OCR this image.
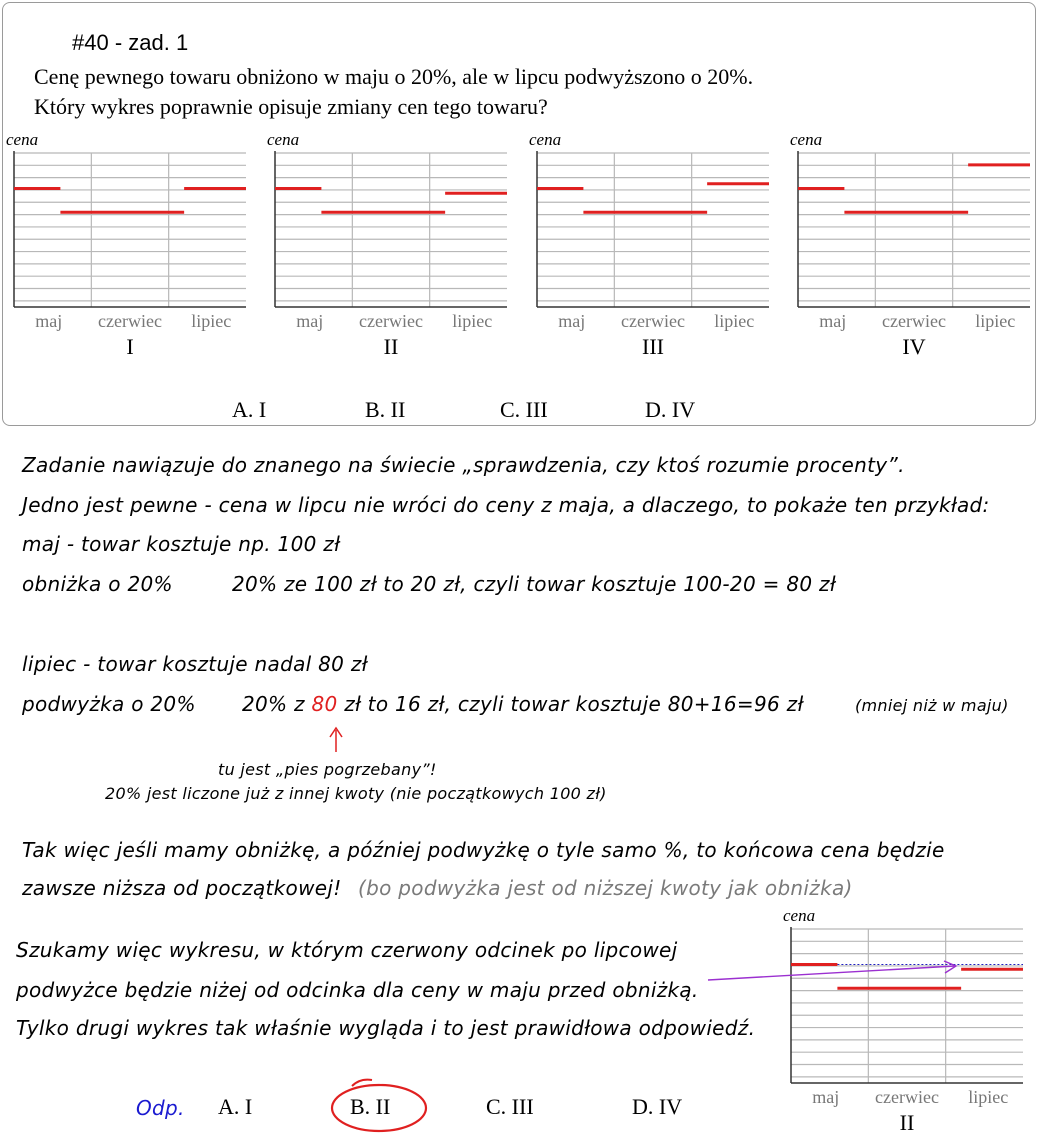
#40 - zad. 1
Cenę pewnego towaru obniżono w maju o 20%, ale w lipcu podwyższono o 20%.
Który wykres poprawnie opisuje zmiany cen tego towaru?
cena
maj czerwiec lipiec
I
cena
maj czerwiec lipiec
II
cena
maj czerwiec lipiec
III
cena
maj czerwiec lipiec
IV
cena
maj czerwiec lipiec
II
A. I	B. II	C. III	D. IV
Zadanie nawiązuje do znanego na świecie „sprawdzenia, czy ktoś rozumie procenty”.
Jedno jest pewne - cena w lipcu nie wróci do ceny z maja, a dlaczego, to pokaże ten przykład:
maj - towar kosztuje np. 100 zł
obniżka o 20%	20% ze 100 zł to 20 zł, czyli towar kosztuje 100-20 = 80 zł
lipiec - towar kosztuje nadal 80 zł
podwyżka o 20% 20% z 80 zł to 16 zł, czyli towar kosztuje 80+16=96 zł	(mniej niż w maju)
tu jest „pies pogrzebany”!
20% jest liczone już z innej kwoty (nie początkowych 100 zł)
Tak więc jeśli mamy obniżkę, a później podwyżkę o tyle samo %, to końcowa cena będzie
zawsze niższa od początkowej! (bo podwyżka jest od niższej kwoty jak obniżka)
Szukamy więc wykresu, w którym czerwony odcinek po lipcowej
podwyżce będzie niżej od odcinka dla ceny w maju przed obniżką.
Tylko drugi wykres tak właśnie wygląda i to jest prawidłowa odpowiedź.
Odp. A. I	B. II	C. III	D. IV
